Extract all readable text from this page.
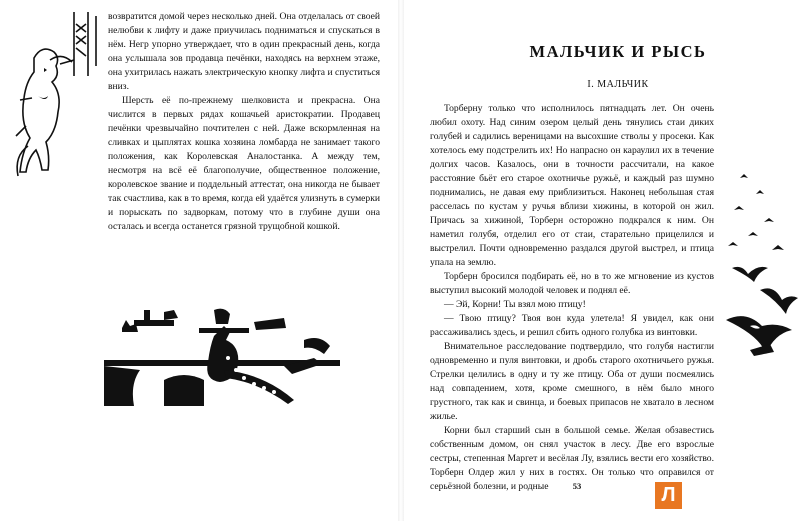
возвратится домой через несколько дней. Она отделалась от своей нелюбви к лифту и даже приучилась подниматься и спускаться в нём. Негр упорно утверждает, что в один прекрасный день, когда она услышала зов продавца печёнки, находясь на верхнем этаже, она ухитрилась нажать электрическую кнопку лифта и спуститься вниз.

Шерсть её по-прежнему шелковиста и прекрасна. Она числится в первых рядах кошачьей аристократии. Продавец печёнки чрезвычайно почтителен с ней. Даже вскормленная на сливках и цыплятах кошка хозяина ломбарда не занимает такого положения, как Королевская Аналостанка. А между тем, несмотря на всё её благополучие, общественное положение, королевское звание и поддельный аттестат, она никогда не бывает так счастлива, как в то время, когда ей удаётся улизнуть в сумерки и порыскать по задворкам, потому что в глубине души она осталась и всегда останется грязной трущобной кошкой.

МАЛЬЧИК И РЫСЬ
I. МАЛЬЧИК

Торберну только что исполнилось пятнадцать лет. Он очень любил охоту. Над синим озером целый день тянулись стаи диких голубей и садились вереницами на высохшие стволы у просеки. Как хотелось ему подстрелить их! Но напрасно он караулил их в течение долгих часов. Казалось, они в точности рассчитали, на какое расстояние бьёт его старое охотничье ружьё, и каждый раз шумно поднимались, не давая ему приблизиться. Наконец небольшая стая расселась по кустам у ручья вблизи хижины, в которой он жил. Причась за хижиной, Торберн осторожно подкрался к ним. Он наметил голубя, отделил его от стаи, старательно прицелился и выстрелил. Почти одновременно раздался другой выстрел, и птица упала на землю.

Торберн бросился подбирать её, но в то же мгновение из кустов выступил высокий молодой человек и поднял её.

— Эй, Корни! Ты взял мою птицу!

— Твою птицу? Твоя вон куда улетела! Я увидел, как они рассаживались здесь, и решил сбить одного голубка из винтовки.

Внимательное расследование подтвердило, что голубя настигли одновременно и пуля винтовки, и дробь старого охотничьего ружья. Стрелки целились в одну и ту же птицу. Оба от души посмеялись над совпадением, хотя, кроме смешного, в нём было много грустного, так как и свинца, и боевых припасов не хватало в лесном жилье.

Корни был старший сын в большой семье. Желая обзавестись собственным домом, он снял участок в лесу. Две его взрослые сестры, степенная Маргет и весёлая Лу, взялись вести его хозяйство. Торберн Олдер жил у них в гостях. Он только что оправился от серьёзной болезни, и родные	53	Л
